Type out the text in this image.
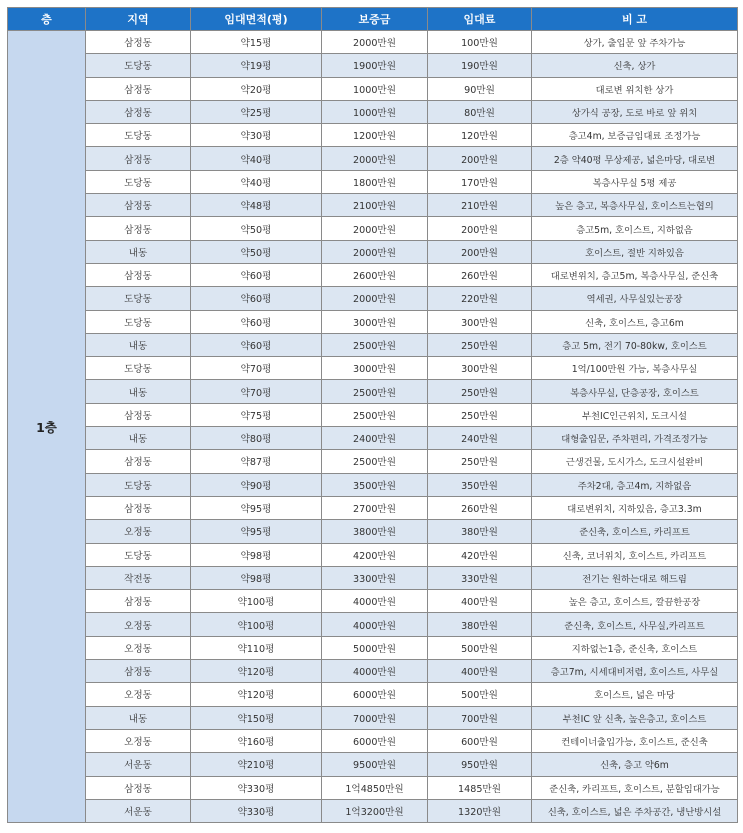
층	지역	임대면적(평)	보증금	임대료	비 고
1층	삼정동	약15평	2000만원	100만원	상가, 출입문 앞 주차가능
	도당동	약19평	1900만원	190만원	신축, 상가
	삼정동	약20평	1000만원	90만원	대로변 위치한 상가
	삼정동	약25평	1000만원	80만원	상가식 공장, 도로 바로 앞 위치
	도당동	약30평	1200만원	120만원	층고4m, 보증금임대료 조정가능
	삼정동	약40평	2000만원	200만원	2층 약40평 무상제공, 넓은마당, 대로변
	도당동	약40평	1800만원	170만원	복층사무실 5평 제공
	삼정동	약48평	2100만원	210만원	높은 층고, 복층사무실, 호이스트는협의
	삼정동	약50평	2000만원	200만원	층고5m, 호이스트, 지하없음
	내동	약50평	2000만원	200만원	호이스트, 절반 지하있음
	삼정동	약60평	2600만원	260만원	대로변위치, 층고5m, 복층사무실, 준신축
	도당동	약60평	2000만원	220만원	역세권, 사무실있는공장
	도당동	약60평	3000만원	300만원	신축, 호이스트, 층고6m
	내동	약60평	2500만원	250만원	층고 5m, 전기 70-80kw, 호이스트
	도당동	약70평	3000만원	300만원	1억/100만원 가능, 복층사무실
	내동	약70평	2500만원	250만원	복층사무실, 단층공장, 호이스트
	삼정동	약75평	2500만원	250만원	부천IC인근위치, 도크시설
	내동	약80평	2400만원	240만원	대형출입문, 주차편리, 가격조정가능
	삼정동	약87평	2500만원	250만원	근생건물, 도시가스, 도크시설완비
	도당동	약90평	3500만원	350만원	주차2대, 층고4m, 지하없음
	삼정동	약95평	2700만원	260만원	대로변위치, 지하있음, 층고3.3m
	오정동	약95평	3800만원	380만원	준신축, 호이스트, 카리프트
	도당동	약98평	4200만원	420만원	신축, 코너위치, 호이스트, 카리프트
	작전동	약98평	3300만원	330만원	전기는 원하는대로 해드림
	삼정동	약100평	4000만원	400만원	높은 층고, 호이스트, 깔끔한공장
	오정동	약100평	4000만원	380만원	준신축, 호이스트, 사무실,카리프트
	오정동	약110평	5000만원	500만원	지하없는1층, 준신축, 호이스트
	삼정동	약120평	4000만원	400만원	층고7m, 시세대비저렴, 호이스트, 사무실
	오정동	약120평	6000만원	500만원	호이스트, 넓은 마당
	내동	약150평	7000만원	700만원	부천IC 앞 신축, 높은층고, 호이스트
	오정동	약160평	6000만원	600만원	컨테이너출입가능, 호이스트, 준신축
	서운동	약210평	9500만원	950만원	신축, 층고 약6m
	삼정동	약330평	1억4850만원	1485만원	준신축, 카리프트, 호이스트, 분할임대가능
	서운동	약330평	1억3200만원	1320만원	신축, 호이스트, 넓은 주차공간, 냉난방시설
